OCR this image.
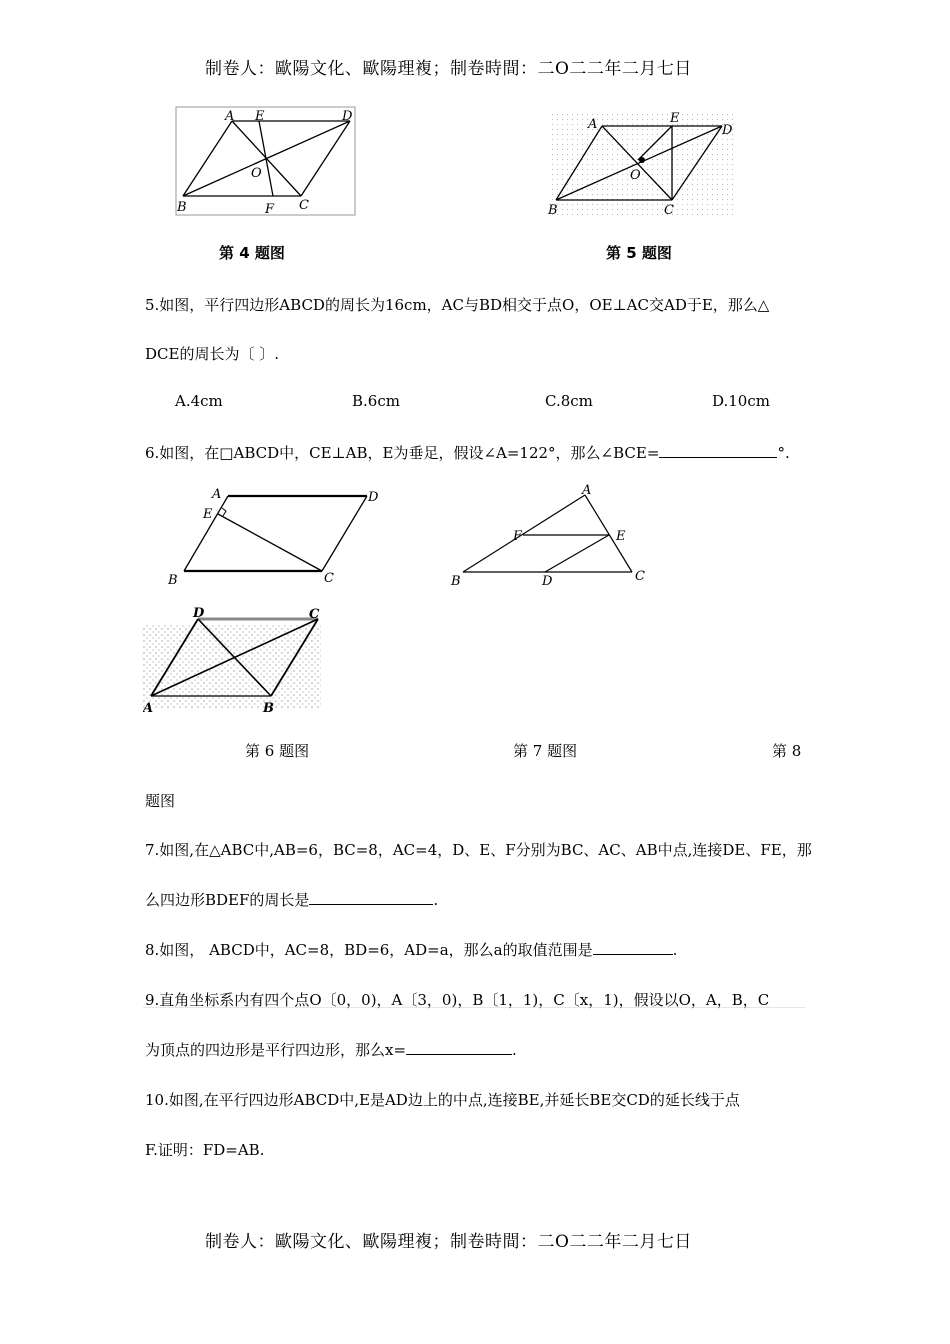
制卷人：歐陽文化、歐陽理複；制卷時間：二O二二年二月七日
A E	D
O
B	F C
A	E
D
O
B	C
第 4 题图	第 5 题图
5.如图，平行四边形ABCD的周长为16cm，AC与BD相交于点O，OE⊥AC交AD于E，那么△
DCE的周长为〔 〕.
A.4cm	B.6cm	C.8cm	D.10cm
6.如图，在□ABCD中，CE⊥AB，E为垂足，假设∠A=122°，那么∠BCE=	°.
A
E
D
B	C
A
F	E
B	D	C
D	C
A	B
第 6 题图	第 7 题图	第 8
题图
7.如图,在△ABC中,AB=6，BC=8，AC=4，D、E、F分别为BC、AC、AB中点,连接DE、FE，那
么四边形BDEF的周长是	.
8.如图， ABCD中，AC=8，BD=6，AD=a，那么a的取值范围是	.
9.直角坐标系内有四个点O〔0，0)，A〔3，0)，B〔1，1)，C〔x，1)，假设以O，A，B，C
为顶点的四边形是平行四边形，那么x=	.
10.如图,在平行四边形ABCD中,E是AD边上的中点,连接BE,并延长BE交CD的延长线于点
F.证明：FD=AB.
制卷人：歐陽文化、歐陽理複；制卷時間：二O二二年二月七日
